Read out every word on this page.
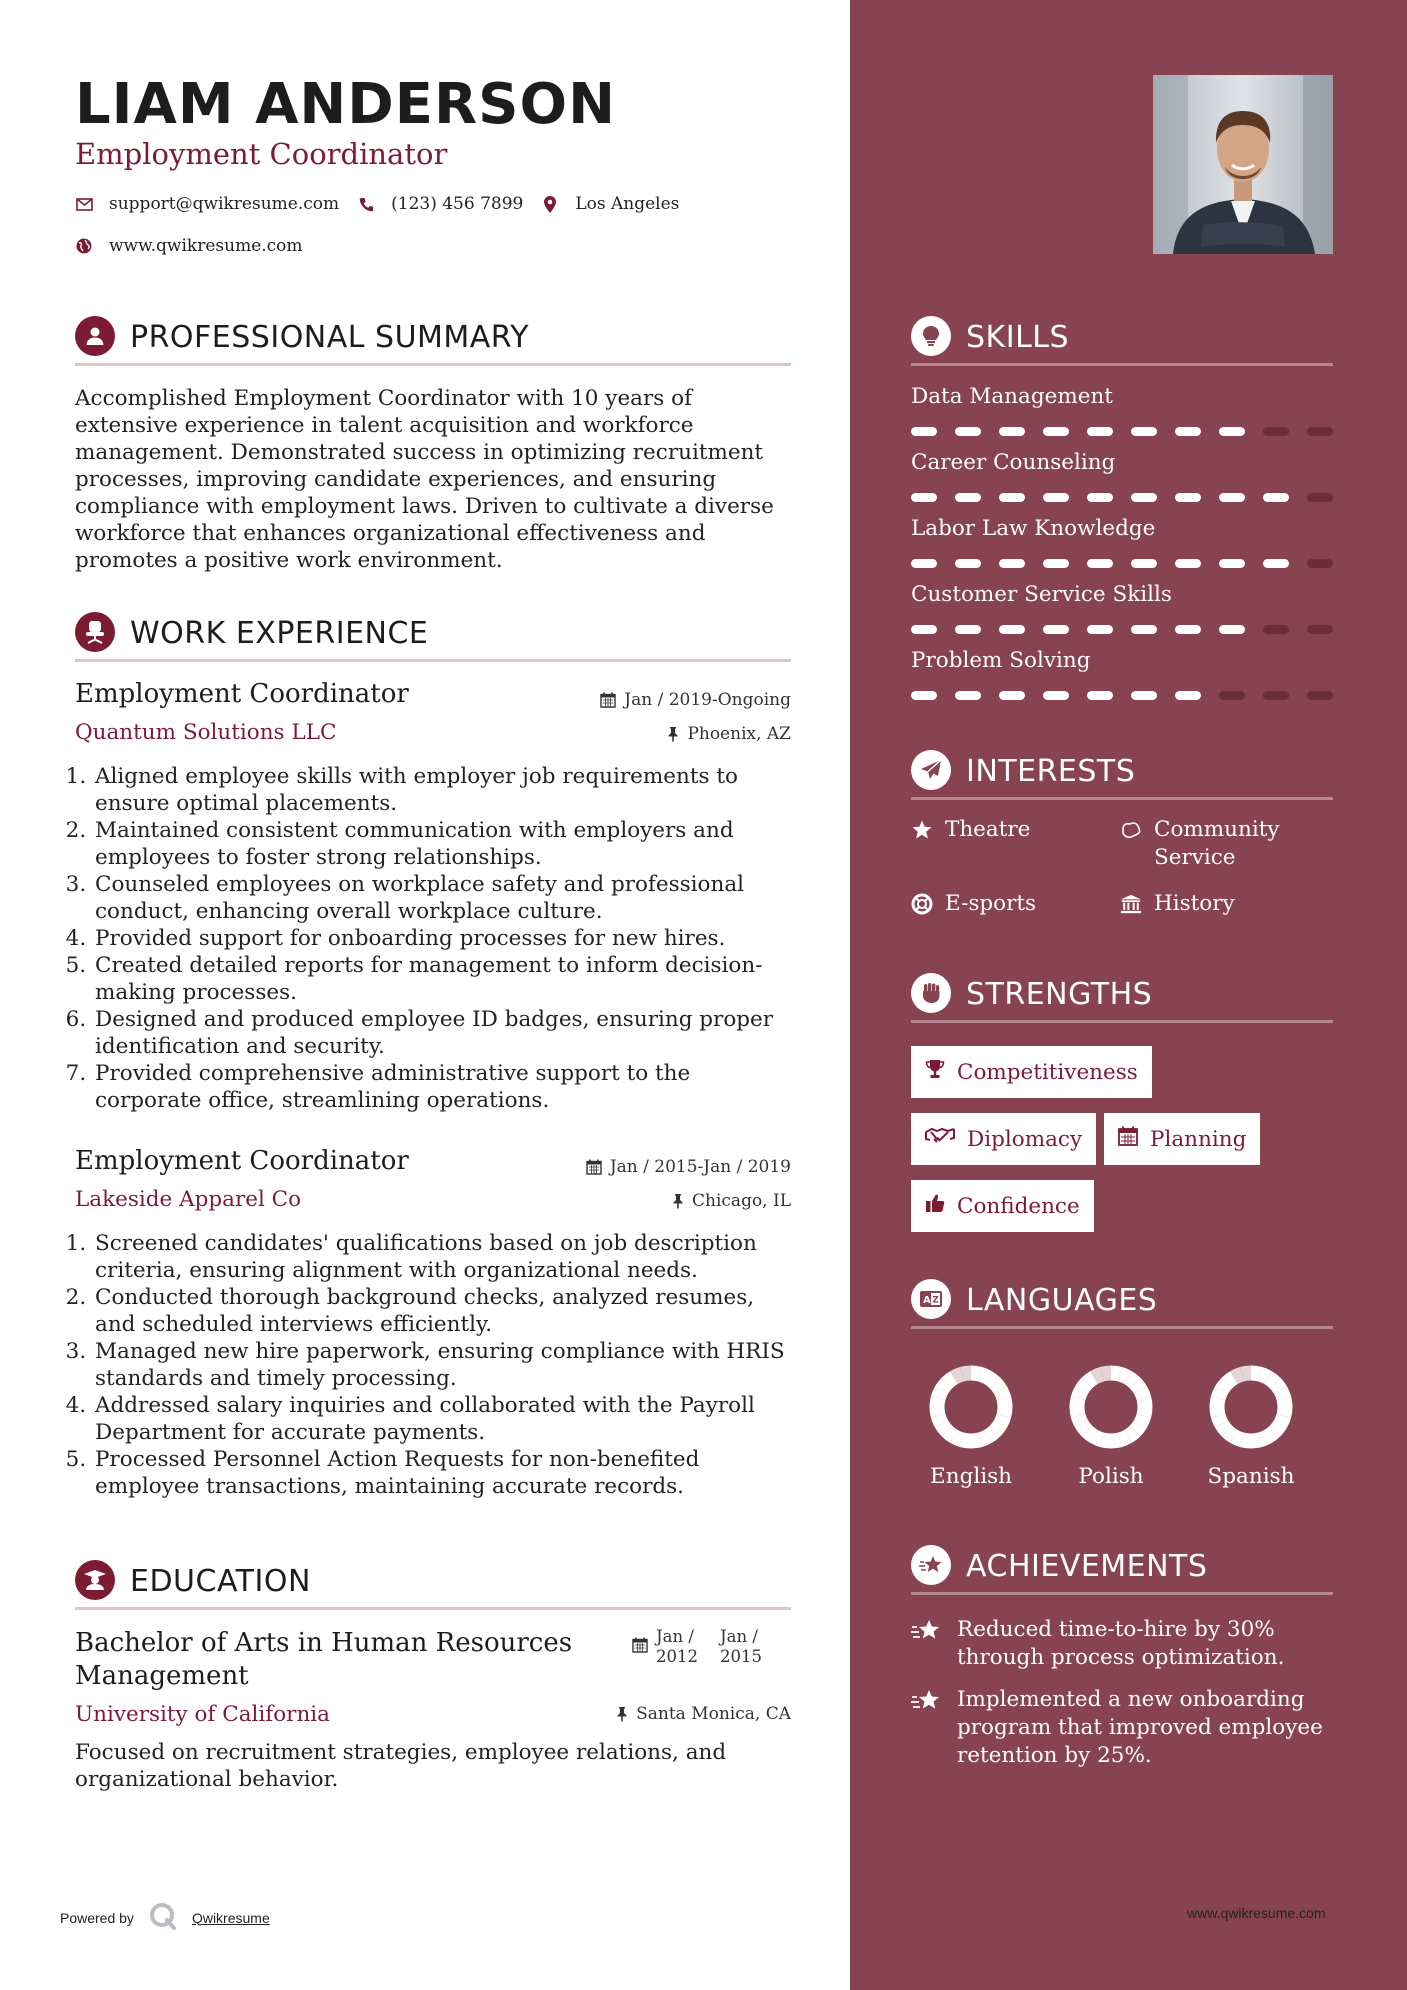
LIAM ANDERSON
Employment Coordinator
support@qwikresume.com	(123) 456 7899	Los Angeles
www.qwikresume.com
PROFESSIONAL SUMMARY
Accomplished Employment Coordinator with 10 years of extensive experience in talent acquisition and workforce management. Demonstrated success in optimizing recruitment processes, improving candidate experiences, and ensuring compliance with employment laws. Driven to cultivate a diverse workforce that enhances organizational effectiveness and promotes a positive work environment.
WORK EXPERIENCE
Employment Coordinator	Jan / 2019-Ongoing
Quantum Solutions LLC	Phoenix, AZ
1. Aligned employee skills with employer job requirements to ensure optimal placements.
2. Maintained consistent communication with employers and employees to foster strong relationships.
3. Counseled employees on workplace safety and professional conduct, enhancing overall workplace culture.
4. Provided support for onboarding processes for new hires.
5. Created detailed reports for management to inform decision-making processes.
6. Designed and produced employee ID badges, ensuring proper identification and security.
7. Provided comprehensive administrative support to the corporate office, streamlining operations.
Employment Coordinator	Jan / 2015-Jan / 2019
Lakeside Apparel Co	Chicago, IL
1. Screened candidates' qualifications based on job description criteria, ensuring alignment with organizational needs.
2. Conducted thorough background checks, analyzed resumes, and scheduled interviews efficiently.
3. Managed new hire paperwork, ensuring compliance with HRIS standards and timely processing.
4. Addressed salary inquiries and collaborated with the Payroll Department for accurate payments.
5. Processed Personnel Action Requests for non-benefited employee transactions, maintaining accurate records.
EDUCATION
Bachelor of Arts in Human Resources Management
Jan /
2012
Jan /
2015
University of California	Santa Monica, CA
Focused on recruitment strategies, employee relations, and organizational behavior.
Powered by	Qwikresume
SKILLS
Data Management
Career Counseling
Labor Law Knowledge
Customer Service Skills
Problem Solving
INTERESTS
Theatre	Community Service
E-sports	History
STRENGTHS
Competitiveness
Diplomacy	Planning
Confidence
A Z LANGUAGES
English	Polish	Spanish
ACHIEVEMENTS
Reduced time-to-hire by 30% through process optimization.
Implemented a new onboarding program that improved employee retention by 25%.
www.qwikresume.com
